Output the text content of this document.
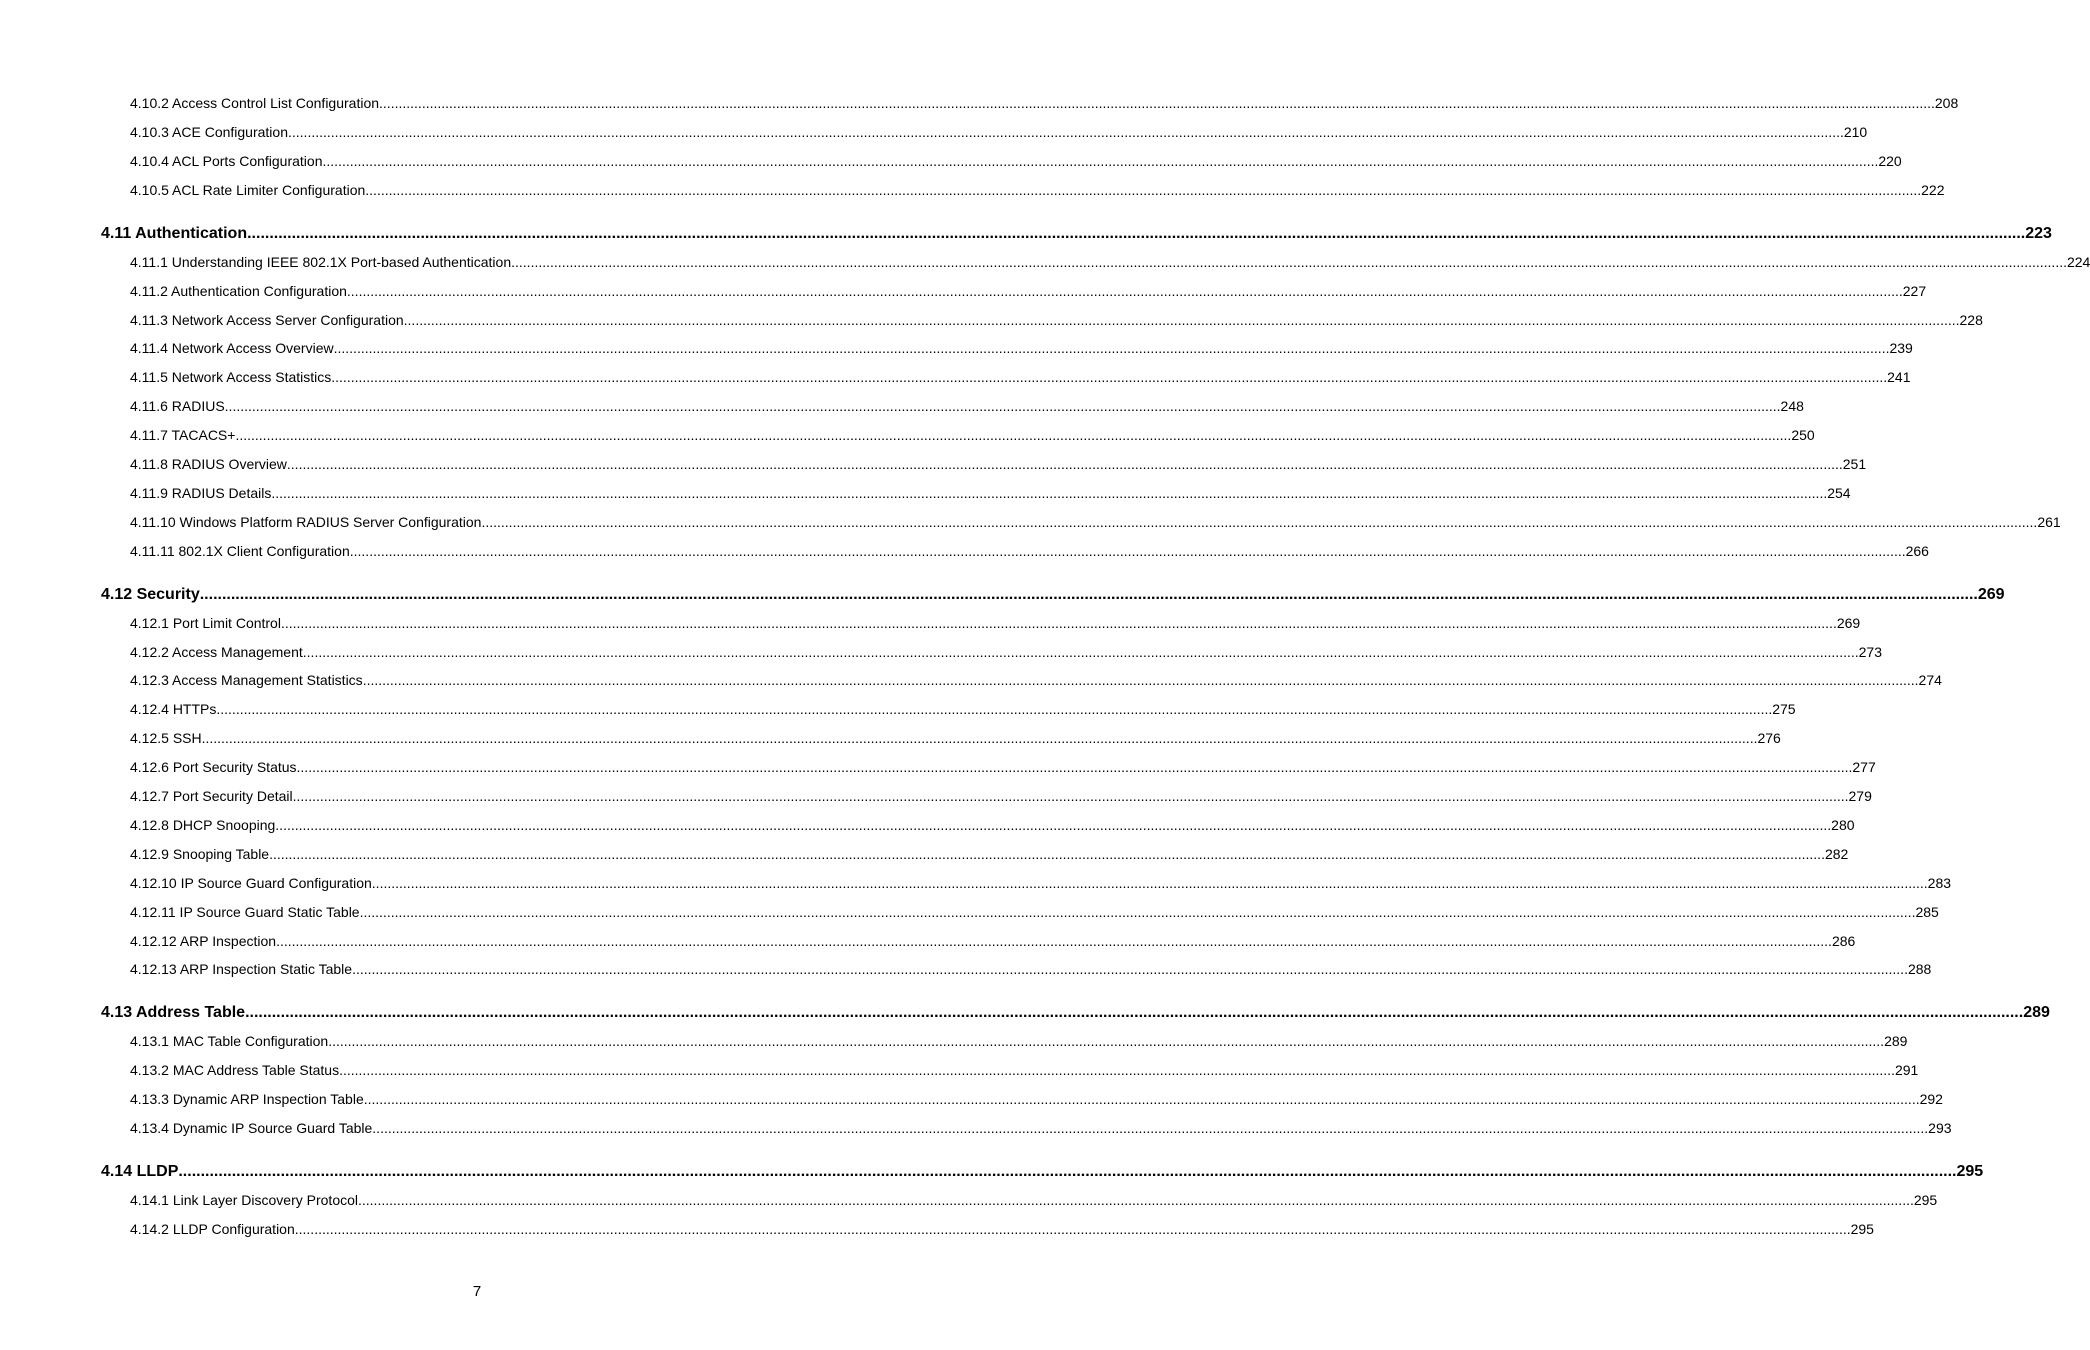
4.10.2 Access Control List Configuration ................................................................................................................................................................................................................................................................................................................................................................................................................ 208
4.10.3 ACE Configuration ................................................................................................................................................................................................................................................................................................................................................................................................................ 210
4.10.4 ACL Ports Configuration ................................................................................................................................................................................................................................................................................................................................................................................................................ 220
4.10.5 ACL Rate Limiter Configuration ................................................................................................................................................................................................................................................................................................................................................................................................................ 222
4.11 Authentication ................................................................................................................................................................................................................................................................................................................................................................................................................ 223
4.11.1 Understanding IEEE 802.1X Port-based Authentication ................................................................................................................................................................................................................................................................................................................................................................................................................ 224
4.11.2 Authentication Configuration ................................................................................................................................................................................................................................................................................................................................................................................................................ 227
4.11.3 Network Access Server Configuration ................................................................................................................................................................................................................................................................................................................................................................................................................ 228
4.11.4 Network Access Overview ................................................................................................................................................................................................................................................................................................................................................................................................................ 239
4.11.5 Network Access Statistics ................................................................................................................................................................................................................................................................................................................................................................................................................ 241
4.11.6 RADIUS ................................................................................................................................................................................................................................................................................................................................................................................................................ 248
4.11.7 TACACS+ ................................................................................................................................................................................................................................................................................................................................................................................................................ 250
4.11.8 RADIUS Overview ................................................................................................................................................................................................................................................................................................................................................................................................................ 251
4.11.9 RADIUS Details ................................................................................................................................................................................................................................................................................................................................................................................................................ 254
4.11.10 Windows Platform RADIUS Server Configuration ................................................................................................................................................................................................................................................................................................................................................................................................................ 261
4.11.11 802.1X Client Configuration ................................................................................................................................................................................................................................................................................................................................................................................................................ 266
4.12 Security ................................................................................................................................................................................................................................................................................................................................................................................................................ 269
4.12.1 Port Limit Control ................................................................................................................................................................................................................................................................................................................................................................................................................ 269
4.12.2 Access Management ................................................................................................................................................................................................................................................................................................................................................................................................................ 273
4.12.3 Access Management Statistics ................................................................................................................................................................................................................................................................................................................................................................................................................ 274
4.12.4 HTTPs ................................................................................................................................................................................................................................................................................................................................................................................................................ 275
4.12.5 SSH ................................................................................................................................................................................................................................................................................................................................................................................................................ 276
4.12.6 Port Security Status ................................................................................................................................................................................................................................................................................................................................................................................................................ 277
4.12.7 Port Security Detail ................................................................................................................................................................................................................................................................................................................................................................................................................ 279
4.12.8 DHCP Snooping ................................................................................................................................................................................................................................................................................................................................................................................................................ 280
4.12.9 Snooping Table ................................................................................................................................................................................................................................................................................................................................................................................................................ 282
4.12.10 IP Source Guard Configuration ................................................................................................................................................................................................................................................................................................................................................................................................................ 283
4.12.11 IP Source Guard Static Table ................................................................................................................................................................................................................................................................................................................................................................................................................ 285
4.12.12 ARP Inspection ................................................................................................................................................................................................................................................................................................................................................................................................................ 286
4.12.13 ARP Inspection Static Table ................................................................................................................................................................................................................................................................................................................................................................................................................ 288
4.13 Address Table ................................................................................................................................................................................................................................................................................................................................................................................................................ 289
4.13.1 MAC Table Configuration ................................................................................................................................................................................................................................................................................................................................................................................................................ 289
4.13.2 MAC Address Table Status ................................................................................................................................................................................................................................................................................................................................................................................................................ 291
4.13.3 Dynamic ARP Inspection Table ................................................................................................................................................................................................................................................................................................................................................................................................................ 292
4.13.4 Dynamic IP Source Guard Table ................................................................................................................................................................................................................................................................................................................................................................................................................ 293
4.14 LLDP ................................................................................................................................................................................................................................................................................................................................................................................................................ 295
4.14.1 Link Layer Discovery Protocol ................................................................................................................................................................................................................................................................................................................................................................................................................ 295
4.14.2 LLDP Configuration ................................................................................................................................................................................................................................................................................................................................................................................................................ 295
7
